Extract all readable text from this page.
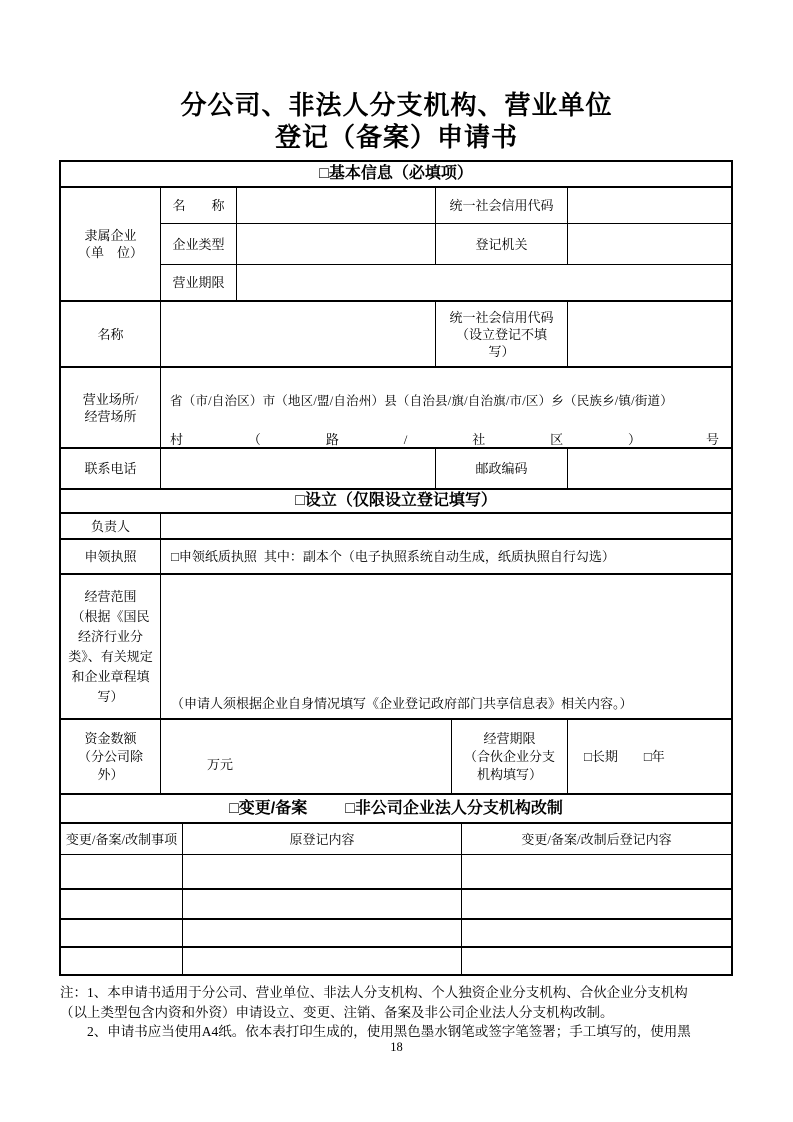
分公司、非法人分支机构、营业单位
登记（备案）申请书
□基本信息（必填项）
隶属企业
（单　位）
名　　称	统一社会信用代码
企业类型	登记机关
营业期限
名称
统一社会信用代码
（设立登记不填
写）
营业场所/
经营场所

省（市/自治区）市（地区/盟/自治州）县（自治县/旗/自治旗/市/区）乡（民族乡/镇/街道）

村	（	路	/	社	区	）	号

联系电话	邮政编码
□设立（仅限设立登记填写）
负责人
申领执照	□申领纸质执照 其中：副本个（电子执照系统自动生成，纸质执照自行勾选）
经营范围
（根据《国民
经济行业分
类》、有关规定
和企业章程填
写）	（申请人须根据企业自身情况填写《企业登记政府部门共享信息表》相关内容。）
资金数额
（分公司除
外）

万元

经营期限
（合伙企业分支
机构填写）
□长期 □年
□变更/备案 □非公司企业法人分支机构改制
变更/备案/改制事项	原登记内容	变更/备案/改制后登记内容
注：1、本申请书适用于分公司、营业单位、非法人分支机构、个人独资企业分支机构、合伙企业分支机构
（以上类型包含内资和外资）申请设立、变更、注销、备案及非公司企业法人分支机构改制。
　　2、申请书应当使用A4纸。依本表打印生成的，使用黑色墨水钢笔或签字笔签署；手工填写的，使用黑
18
